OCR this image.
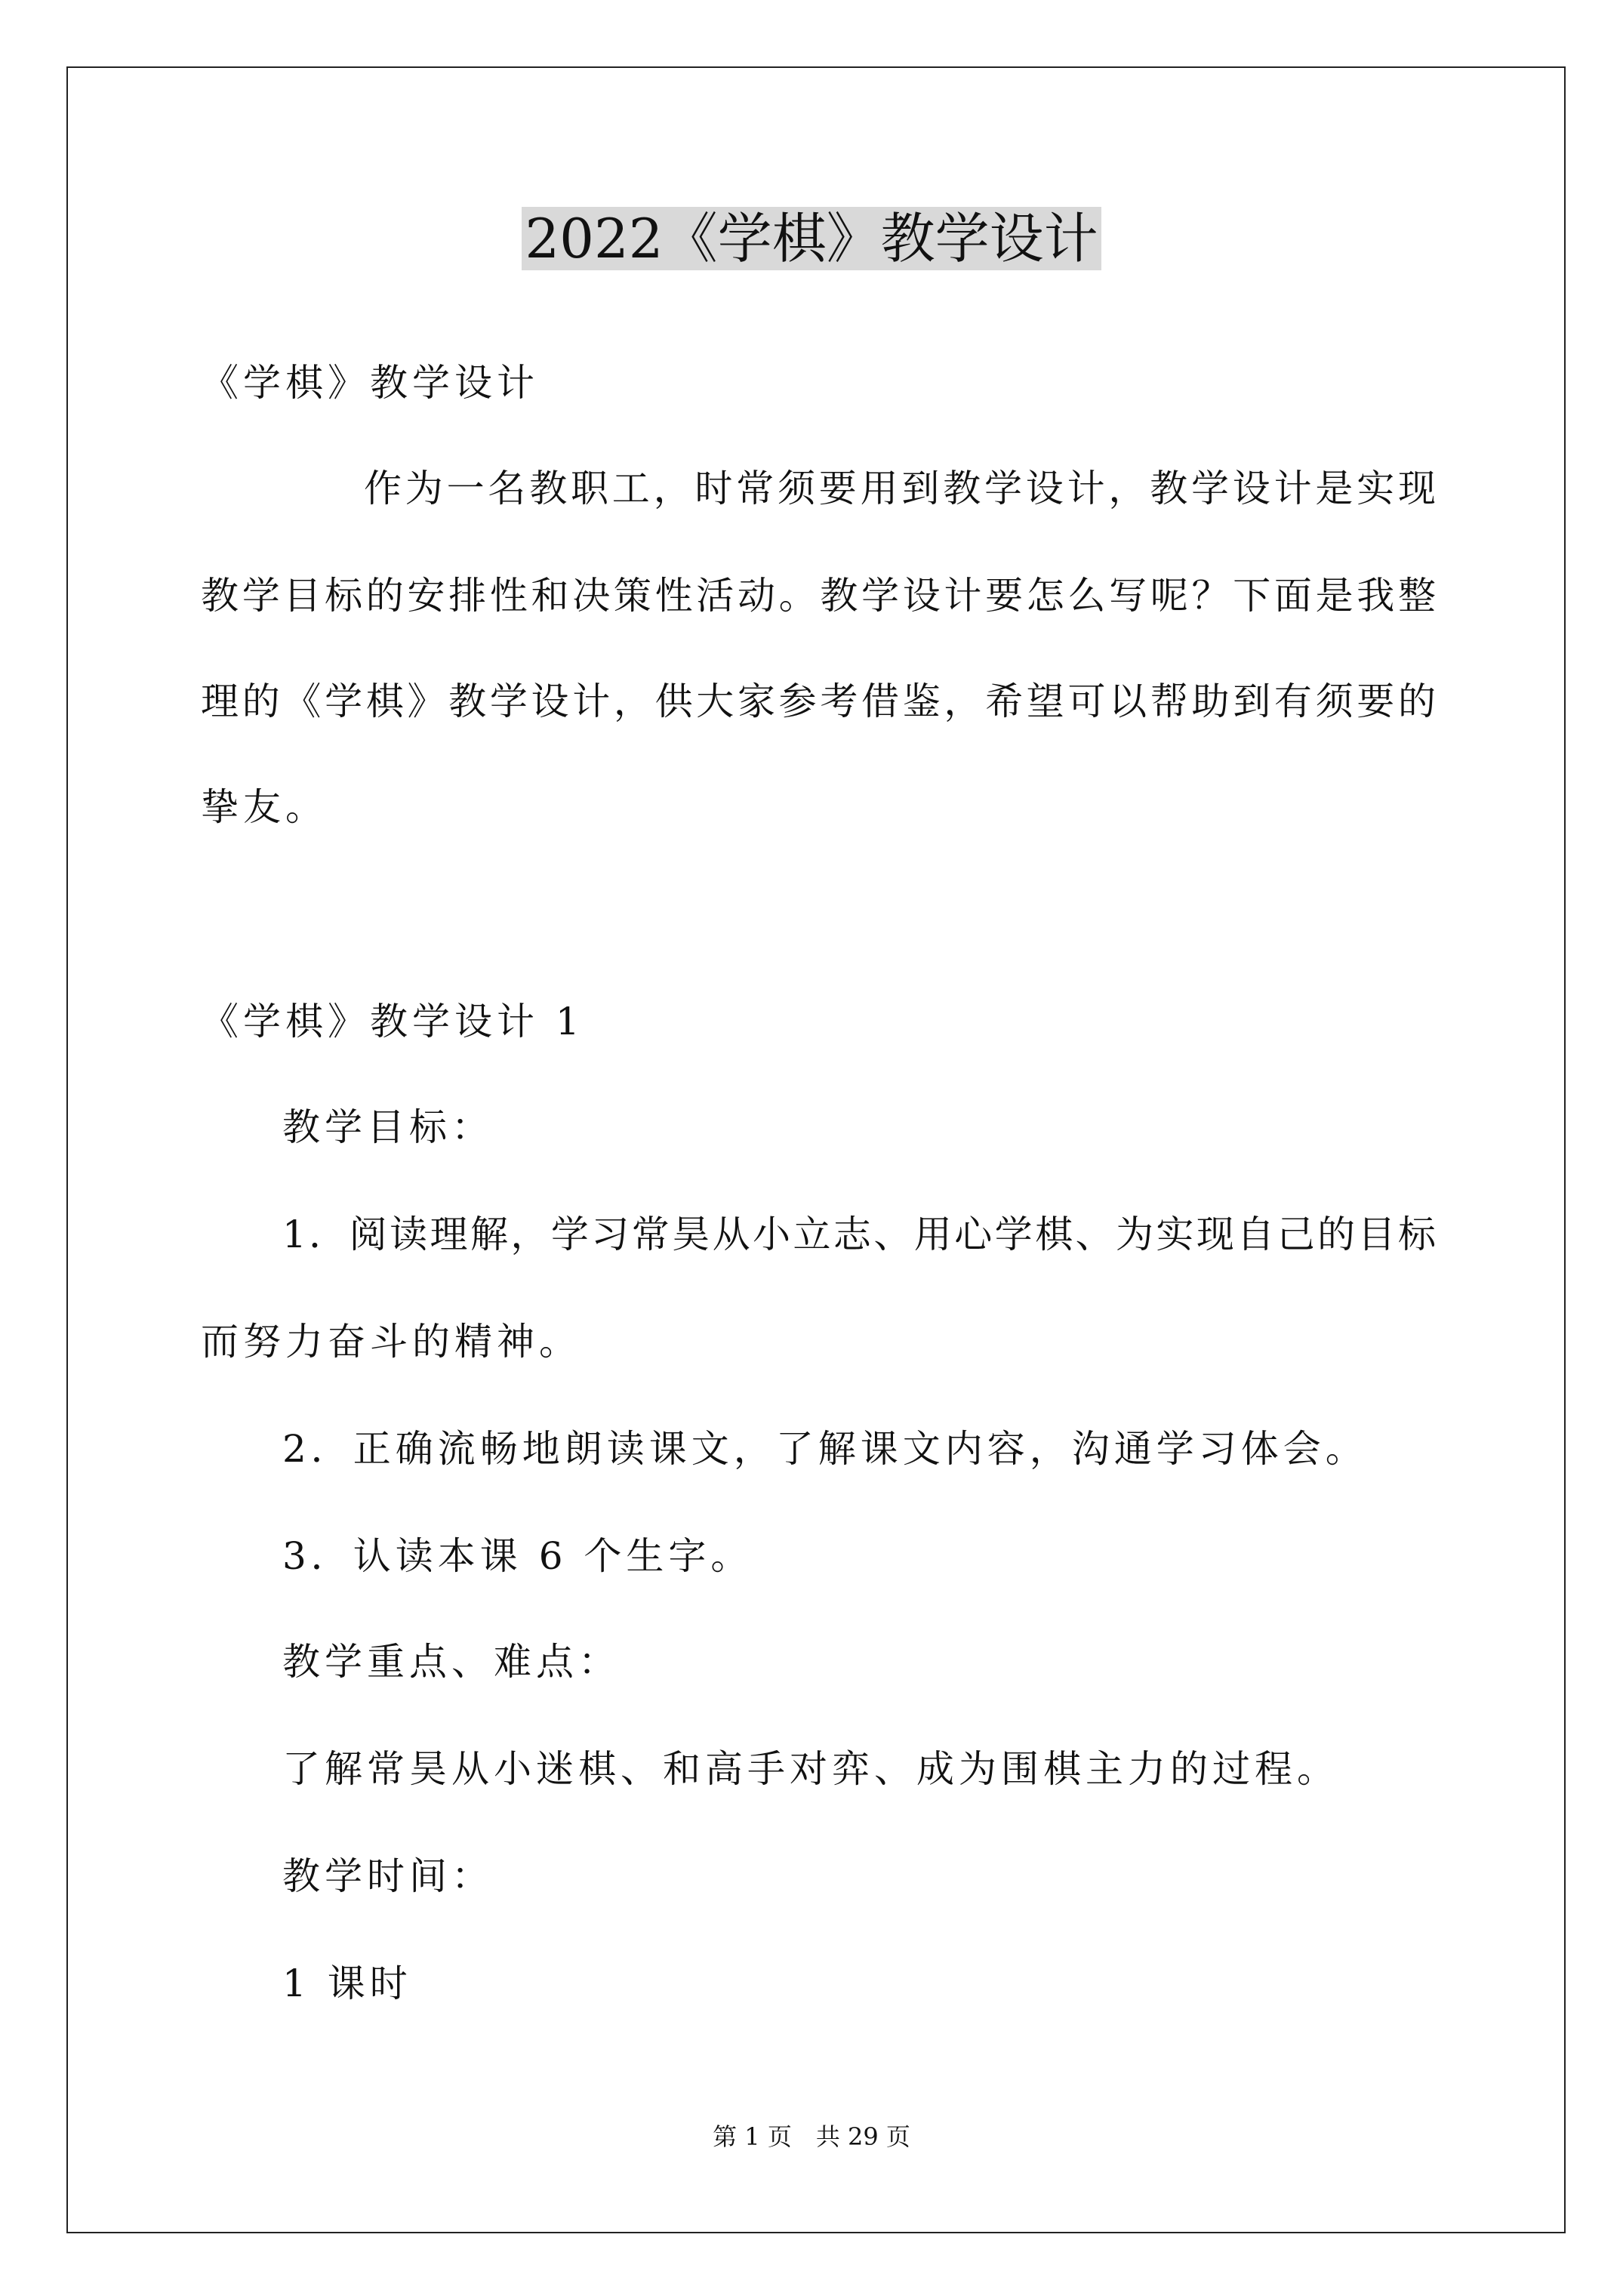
2022《学棋》教学设计
《学棋》教学设计
作为一名教职工，时常须要用到教学设计，教学设计是实现
教学目标的安排性和决策性活动。教学设计要怎么写呢？下面是我整
理的《学棋》教学设计，供大家参考借鉴，希望可以帮助到有须要的
挚友。
《学棋》教学设计 1
教学目标：
1．阅读理解，学习常昊从小立志、用心学棋、为实现自己的目标
而努力奋斗的精神。
2．正确流畅地朗读课文，了解课文内容，沟通学习体会。
3．认读本课 6 个生字。
教学重点、难点：
了解常昊从小迷棋、和高手对弈、成为围棋主力的过程。
教学时间：
1 课时
第 1 页　共 29 页
